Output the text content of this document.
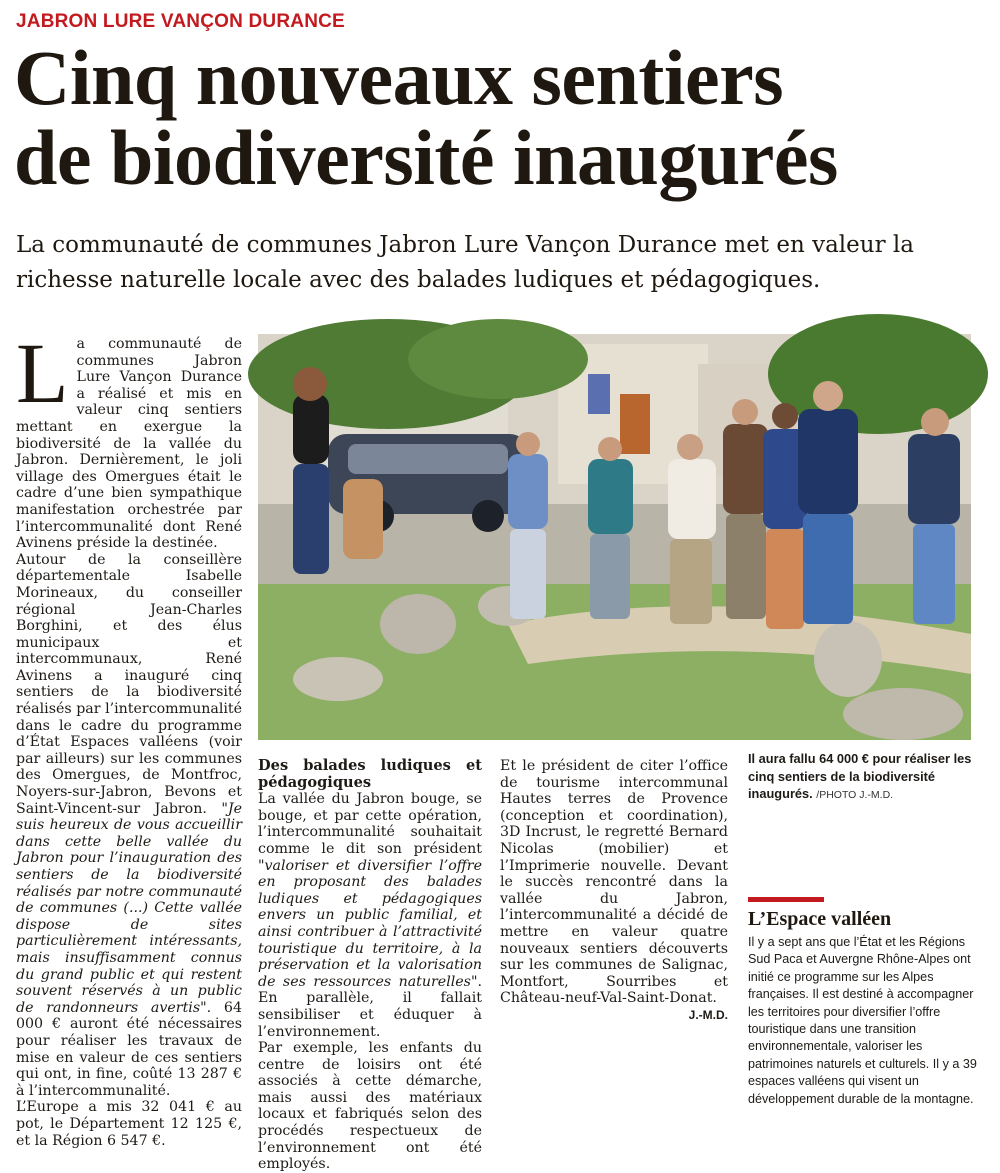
JABRON LURE VANÇON DURANCE
Cinq nouveaux sentiers
de biodiversité inaugurés

La communauté de communes Jabron Lure Vançon Durance met en valeur la richesse naturelle locale avec des balades ludiques et pédagogiques.

L a communauté de communes Jabron Lure Vançon Durance a réalisé et mis en valeur cinq sentiers mettant en exergue la biodiversité de la vallée du Jabron. Dernièrement, le joli village des Omergues était le cadre d’une bien sympathique manifestation orchestrée par l’intercommunalité dont René Avinens préside la destinée.

Autour de la conseillère départementale Isabelle Morineaux, du conseiller régional Jean-Charles Borghini, et des élus municipaux et intercommunaux, René Avinens a inauguré cinq sentiers de la biodiversité réalisés par l’intercommunalité dans le cadre du programme d’État Espaces valléens (voir par ailleurs) sur les communes des Omergues, de Montfroc, Noyers-sur-Jabron, Bevons et Saint-Vincent-sur Jabron. "Je suis heureux de vous accueillir dans cette belle vallée du Jabron pour l’inauguration des sentiers de la biodiversité réalisés par notre communauté de communes (...) Cette vallée dispose de sites particulièrement intéressants, mais insuffisamment connus du grand public et qui restent souvent réservés à un public de randonneurs avertis". 64 000 € auront été nécessaires pour réaliser les travaux de mise en valeur de ces sentiers qui ont, in fine, coûté 13 287 € à l’intercommunalité.

L’Europe a mis 32 041 € au pot, le Département 12 125 €, et la Région 6 547 €.

Il aura fallu 64 000 € pour réaliser les cinq sentiers de la biodiversité inaugurés. /PHOTO J.-M.D.

Des balades ludiques et pédagogiques

La vallée du Jabron bouge, se bouge, et par cette opération, l’intercommunalité souhaitait comme le dit son président "valoriser et diversifier l’offre en proposant des balades ludiques et pédagogiques envers un public familial, et ainsi contribuer à l’attractivité touristique du territoire, à la préservation et la valorisation de ses ressources naturelles". En parallèle, il fallait sensibiliser et éduquer à l’environnement.

Par exemple, les enfants du centre de loisirs ont été associés à cette démarche, mais aussi des matériaux locaux et fabriqués selon des procédés respectueux de l’environnement ont été employés.

Et le président de citer l’office de tourisme intercommunal Hautes terres de Provence (conception et coordination), 3D Incrust, le regretté Bernard Nicolas (mobilier) et l’Imprimerie nouvelle. Devant le succès rencontré dans la vallée du Jabron, l’intercommunalité a décidé de mettre en valeur quatre nouveaux sentiers découverts sur les communes de Salignac, Montfort, Sourribes et Château-neuf-Val-Saint-Donat.

J.-M.D.

L’Espace valléen

Il y a sept ans que l’État et les Régions Sud Paca et Auvergne Rhône-Alpes ont initié ce programme sur les Alpes françaises. Il est destiné à accompagner les territoires pour diversifier l’offre touristique dans une transition environnementale, valoriser les patrimoines naturels et culturels. Il y a 39 espaces valléens qui visent un développement durable de la montagne.
